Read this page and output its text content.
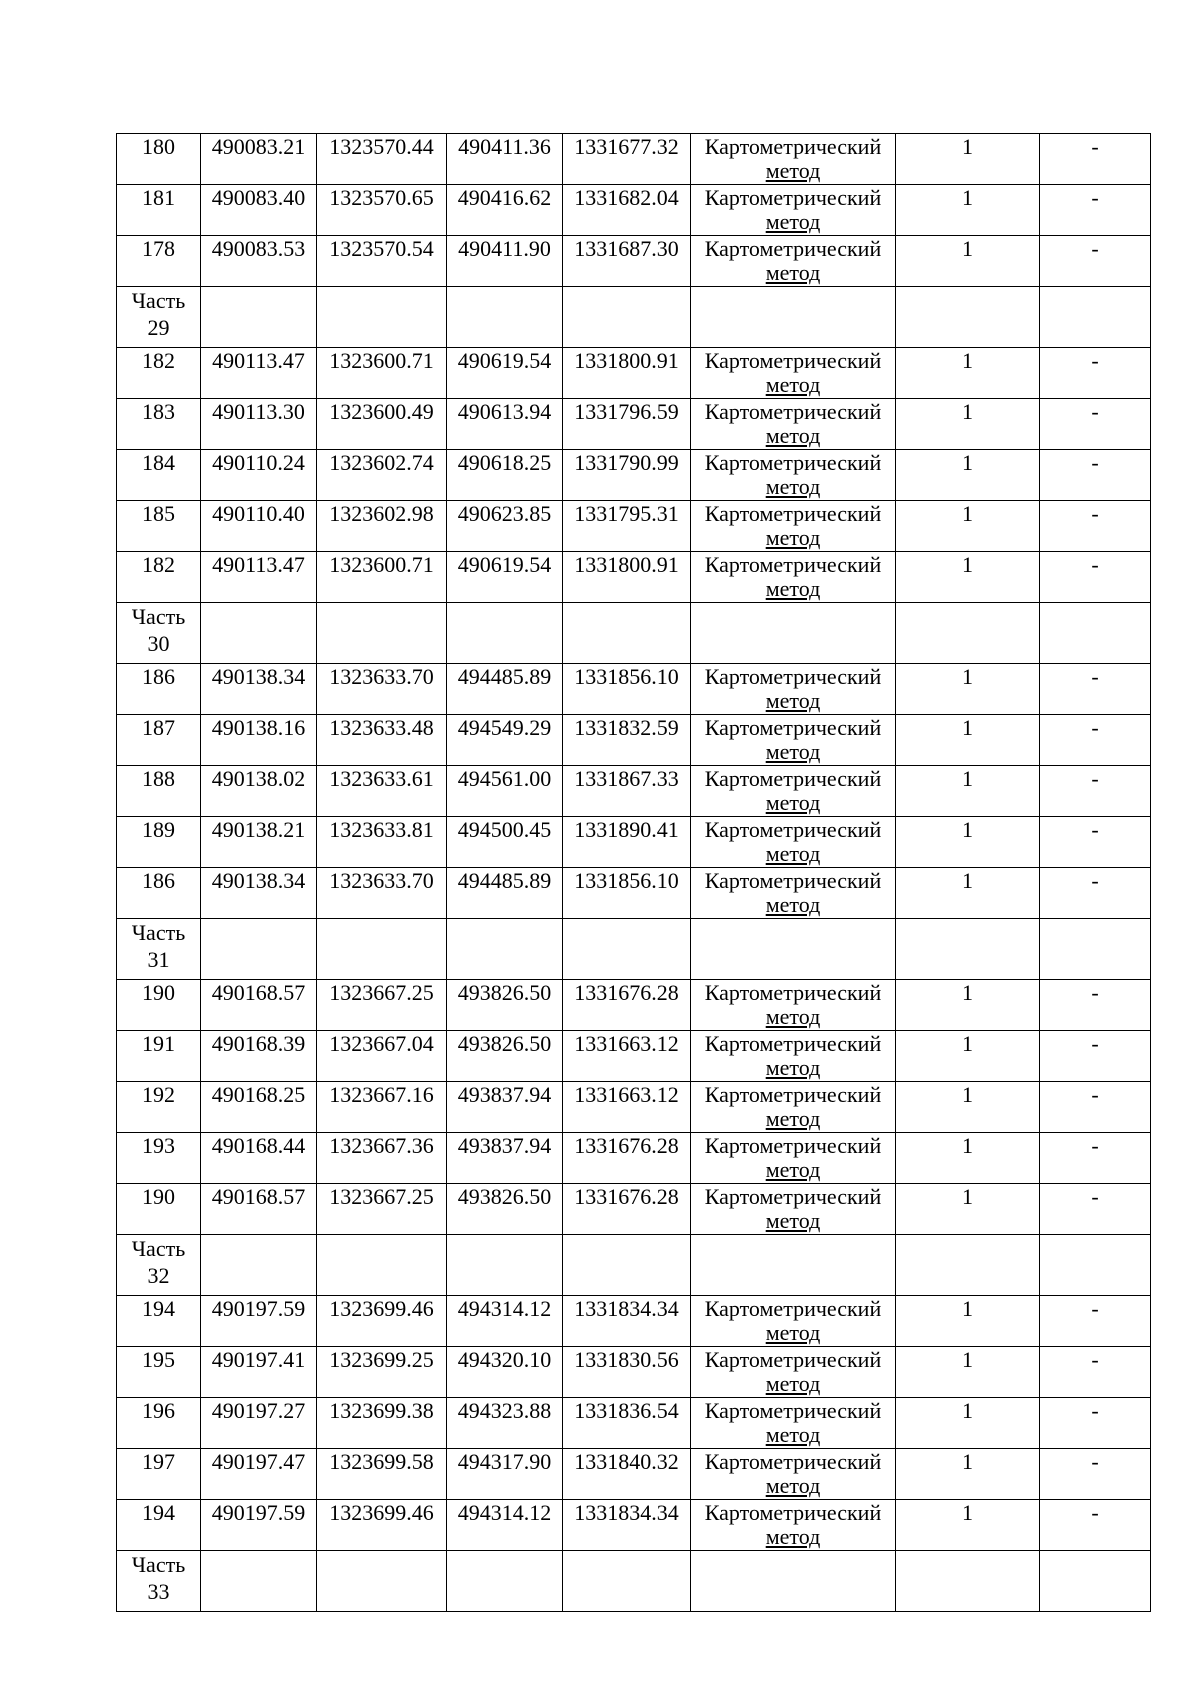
180	490083.21	1323570.44	490411.36	1331677.32	Картометрический
метод	1	-
181	490083.40	1323570.65	490416.62	1331682.04	Картометрический
метод	1	-
178	490083.53	1323570.54	490411.90	1331687.30	Картометрический
метод	1	-

Часть
29							

182	490113.47	1323600.71	490619.54	1331800.91	Картометрический
метод	1	-
183	490113.30	1323600.49	490613.94	1331796.59	Картометрический
метод	1	-
184	490110.24	1323602.74	490618.25	1331790.99	Картометрический
метод	1	-
185	490110.40	1323602.98	490623.85	1331795.31	Картометрический
метод	1	-
182	490113.47	1323600.71	490619.54	1331800.91	Картометрический
метод	1	-

Часть
30							

186	490138.34	1323633.70	494485.89	1331856.10	Картометрический
метод	1	-
187	490138.16	1323633.48	494549.29	1331832.59	Картометрический
метод	1	-
188	490138.02	1323633.61	494561.00	1331867.33	Картометрический
метод	1	-
189	490138.21	1323633.81	494500.45	1331890.41	Картометрический
метод	1	-
186	490138.34	1323633.70	494485.89	1331856.10	Картометрический
метод	1	-

Часть
31							

190	490168.57	1323667.25	493826.50	1331676.28	Картометрический
метод	1	-
191	490168.39	1323667.04	493826.50	1331663.12	Картометрический
метод	1	-
192	490168.25	1323667.16	493837.94	1331663.12	Картометрический
метод	1	-
193	490168.44	1323667.36	493837.94	1331676.28	Картометрический
метод	1	-
190	490168.57	1323667.25	493826.50	1331676.28	Картометрический
метод	1	-

Часть
32							

194	490197.59	1323699.46	494314.12	1331834.34	Картометрический
метод	1	-
195	490197.41	1323699.25	494320.10	1331830.56	Картометрический
метод	1	-
196	490197.27	1323699.38	494323.88	1331836.54	Картометрический
метод	1	-
197	490197.47	1323699.58	494317.90	1331840.32	Картометрический
метод	1	-
194	490197.59	1323699.46	494314.12	1331834.34	Картометрический
метод	1	-

Часть
33							
